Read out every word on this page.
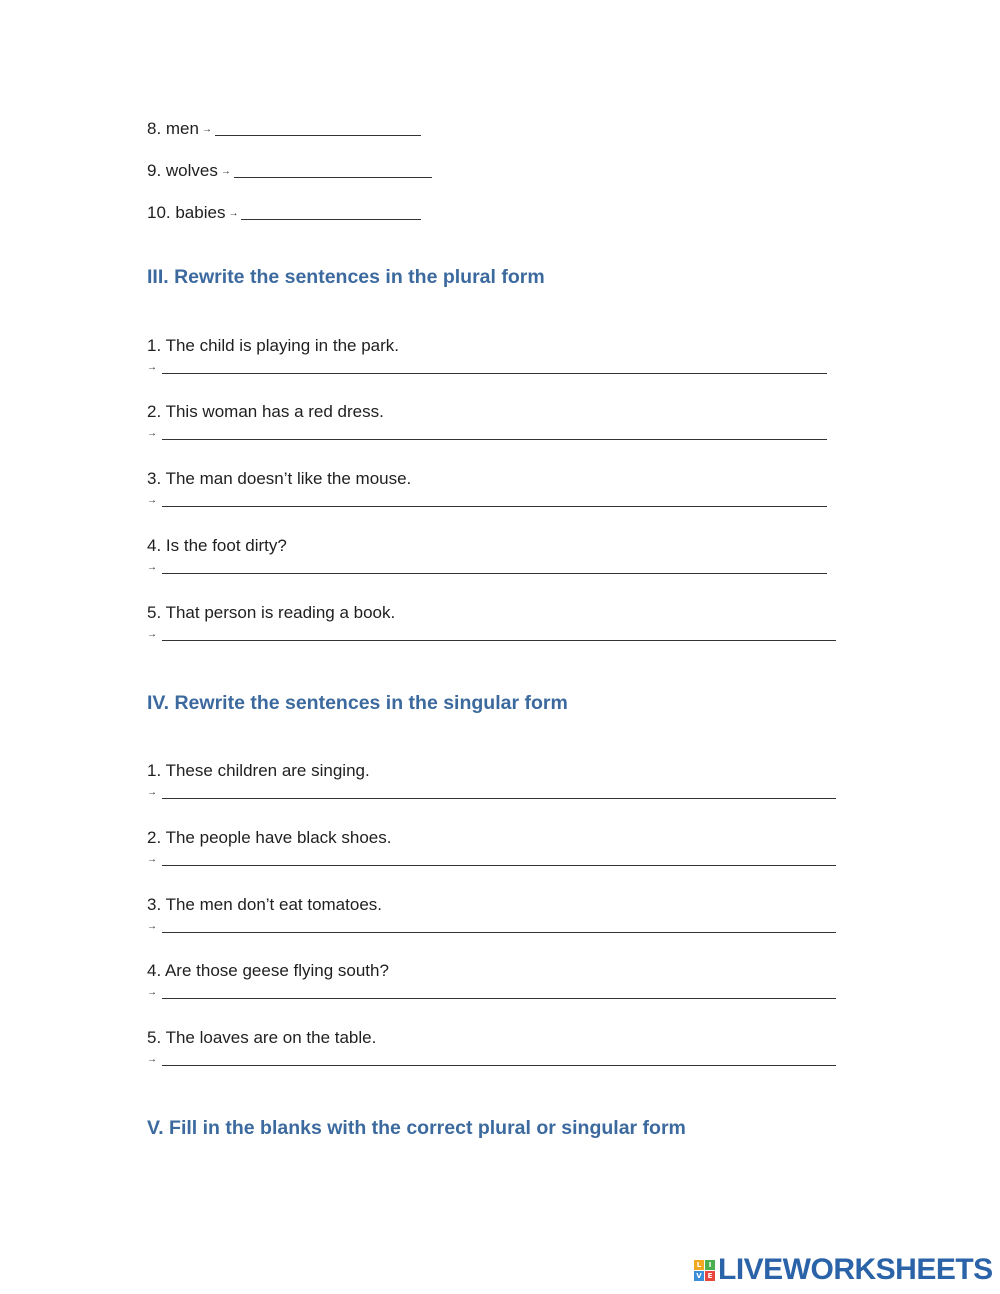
8. men →
9. wolves →
10. babies →
III. Rewrite the sentences in the plural form
1. The child is playing in the park.
→
2. This woman has a red dress.
→
3. The man doesn’t like the mouse.
→
4. Is the foot dirty?
→
5. That person is reading a book.
→
IV. Rewrite the sentences in the singular form
1. These children are singing.
→
2. The people have black shoes.
→
3. The men don’t eat tomatoes.
→
4. Are those geese flying south?
→
5. The loaves are on the table.
→
V. Fill in the blanks with the correct plural or singular form
L	I
V E LIVEWORKSHEETS
